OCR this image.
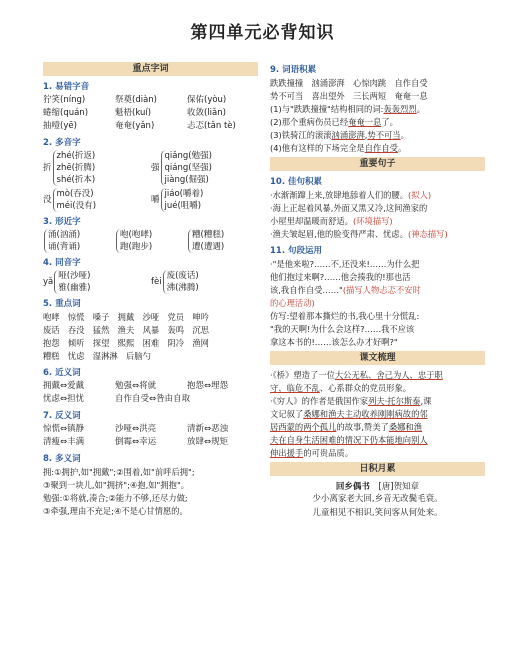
第四单元必背知识
重点字词
1. 易错字音
狞笑(níng)	祭奠(diàn)	保佑(yòu)
蜷缩(quán)	魁梧(kuí)	收敛(liǎn)
抽噎(yē)	奄奄(yǎn)	忐忑(tǎn tè)
2. 多音字
折
zhé(折返)
zhē(折腾)
shé(折本)
强
qiǎng(勉强)
qiáng(坚强)
jiàng(倔强)
没
mò(吞没)
méi(没有)
嚼
jiáo(嚼着)
jué(咀嚼)
3. 形近字
涌(汹涌)
诵(背诵)
咆(咆哮)
跑(跑步)
糟(糟糕)
遭(遭遇)
4. 同音字
yǎ
哑(沙哑)
雅(幽雅)
fèi
废(废话)
沸(沸腾)
5. 重点词
咆哮　惊慌　嗓子　拥戴　沙哑　党员　呻吟
废话　吞没　猛然　渔夫　风暴　轰鸣　沉思
抱怨　倾听　探望　熙熙　困难　阴冷　渔网
糟糕　忧虑　湿淋淋　后脑勺
6. 近义词
拥戴⇔爱戴	勉强⇔将就	抱怨⇔埋怨
忧虑⇔担忧	自作自受⇔咎由自取
7. 反义词
惊慌⇔镇静	沙哑⇔洪亮	清新⇔恶浊
清瘦⇔丰满	倒霉⇔幸运	放肆⇔规矩
8. 多义词
拥:①拥护,如"拥戴";②围着,如"前呼后拥";
③聚到一块儿,如"拥挤";④抱,如"拥抱"。
勉强:①将就,凑合;②能力不够,还尽力做;
③牵强,理由不充足;④不是心甘情愿的。
9. 词语积累
跌跌撞撞　汹涌澎湃　心惊肉跳　自作自受
势不可当　喜出望外　三长两短　奄奄一息
(1)与"跌跌撞撞"结构相同的词:轰轰烈烈。
(2)那个重病伤员已经奄奄一息了。
(3)铁骑江的滚滚汹涌澎湃,势不可当。
(4)他有这样的下场完全是自作自受。
重要句子
10. 佳句积累
·水渐渐蹿上来,放肆地舔着人们的腰。(拟人)
·海上正起着风暴,外面又黑又冷,这间渔家的
小屋里却温暖而舒适。(环境描写)
·渔夫皱起眉,他的脸变得严肃、忧虑。(神态描写)
11. 句段运用
·"是他来啦?……不,还没来!……为什么把
他们抱过来啊?……他会揍我的!那也活
该,我自作自受……"(描写人物忐忑不安时
的心理活动)
仿写:望着那本撕烂的书,我心里十分慌乱:
"我的天啊!为什么会这样?……我不应该
拿这本书的!……该怎么办才好啊?"
课文梳理
·《桥》塑造了一位大公无私、舍己为人、忠于职
守、临危不乱、心系群众的党员形象。
·《穷人》的作者是俄国作家列夫·托尔斯泰,课
文记叙了桑娜和渔夫主动收养刚刚病故的邻
居西蒙的两个孤儿的故事,赞美了桑娜和渔
夫在自身生活困难的情况下仍本能地向别人
伸出援手的可贵品质。
日积月累
回乡偶书　 [唐]贺知章
少小离家老大回,乡音无改鬓毛衰。
儿童相见不相识,笑问客从何处来。
